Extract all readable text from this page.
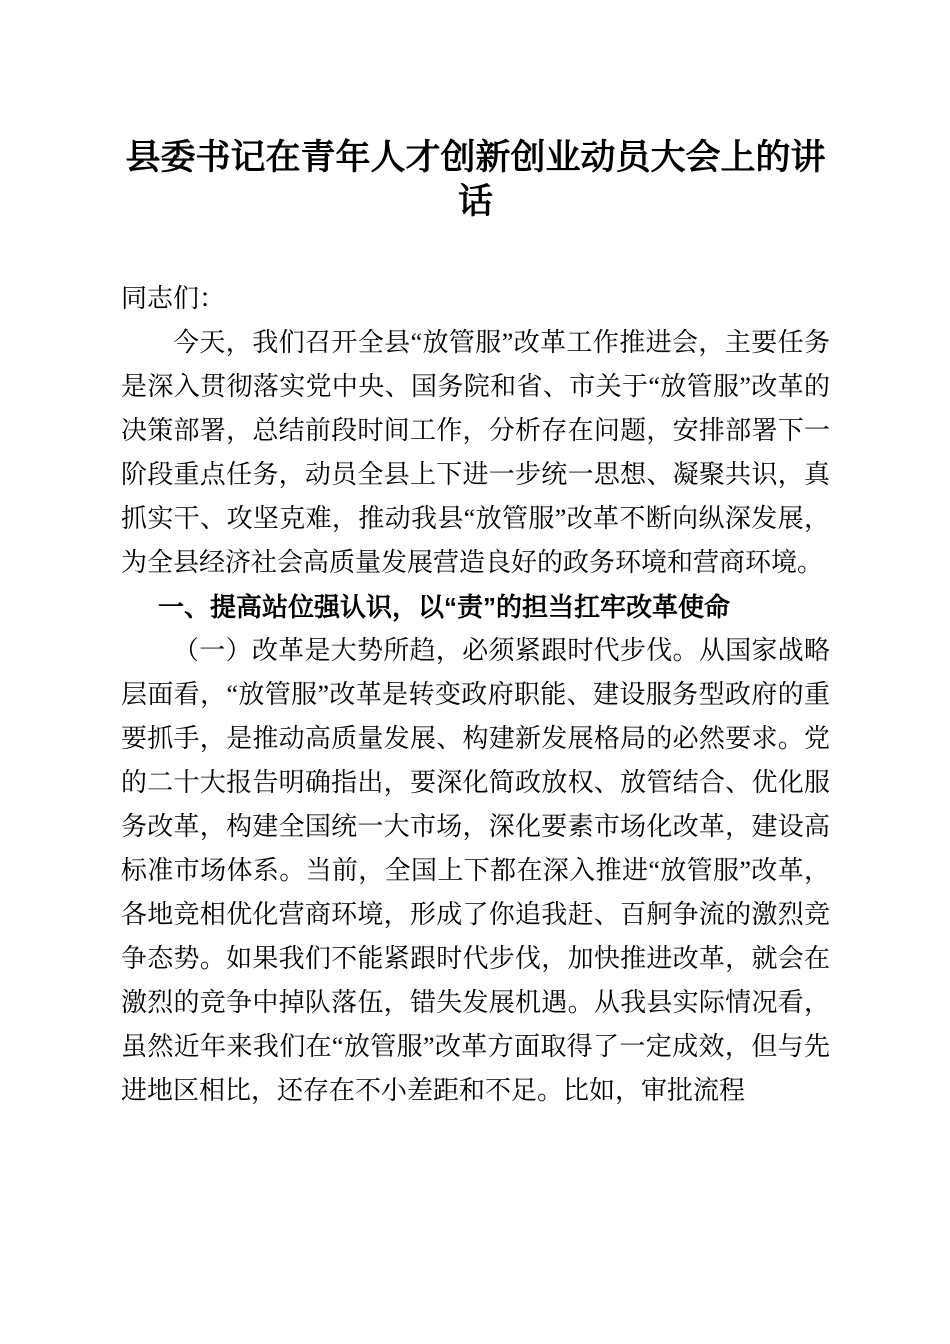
县委书记在青年人才创新创业动员大会上的讲话

同志们：

今天，我们召开全县“放管服”改革工作推进会，主要任务是深入贯彻落实党中央、国务院和省、市关于“放管服”改革的决策部署，总结前段时间工作，分析存在问题，安排部署下一阶段重点任务，动员全县上下进一步统一思想、凝聚共识，真抓实干、攻坚克难，推动我县“放管服”改革不断向纵深发展，为全县经济社会高质量发展营造良好的政务环境和营商环境。

一、提高站位强认识，以“责”的担当扛牢改革使命

（一）改革是大势所趋，必须紧跟时代步伐。从国家战略层面看，“放管服”改革是转变政府职能、建设服务型政府的重要抓手，是推动高质量发展、构建新发展格局的必然要求。党的二十大报告明确指出，要深化简政放权、放管结合、优化服务改革，构建全国统一大市场，深化要素市场化改革，建设高标准市场体系。当前，全国上下都在深入推进“放管服”改革，各地竞相优化营商环境，形成了你追我赶、百舸争流的激烈竞争态势。如果我们不能紧跟时代步伐，加快推进改革，就会在激烈的竞争中掉队落伍，错失发展机遇。从我县实际情况看，虽然近年来我们在“放管服”改革方面取得了一定成效，但与先进地区相比，还存在不小差距和不足。比如，审批流程
